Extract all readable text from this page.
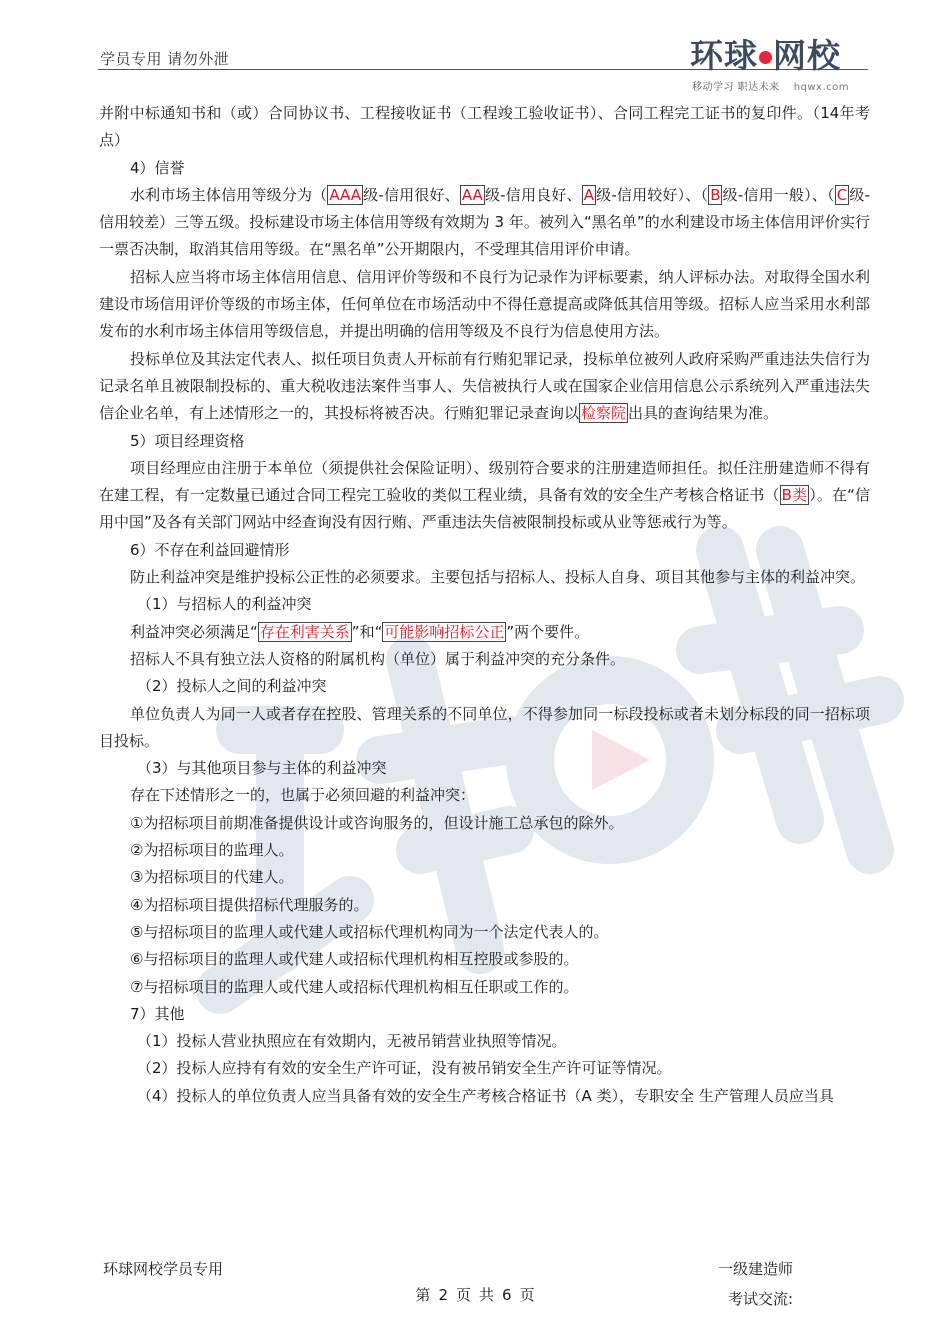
学员专用 请勿外泄	环球 网校
移动学习 职达未来 hqwx.com
环球网校

并附中标通知书和（或）合同协议书、工程接收证书（工程竣工验收证书）、合同工程完工证书的复印件。（14年考点）

4）信誉

水利市场主体信用等级分为（ AAA 级-信用很好、 AA 级-信用良好、 A 级-信用较好）、（ B 级-信用一般）、（ C 级-信用较差）三等五级。投标建设市场主体信用等级有效期为 3 年。被列入“黑名单”的水利建设市场主体信用评价实行一票否决制，取消其信用等级。在“黑名单”公开期限内，不受理其信用评价申请。

招标人应当将市场主体信用信息、信用评价等级和不良行为记录作为评标要素，纳人评标办法。对取得全国水利建设市场信用评价等级的市场主体，任何单位在市场活动中不得任意提高或降低其信用等级。招标人应当采用水利部发布的水利市场主体信用等级信息，并提出明确的信用等级及不良行为信息使用方法。

投标单位及其法定代表人、拟任项目负责人开标前有行贿犯罪记录，投标单位被列人政府采购严重违法失信行为记录名单且被限制投标的、重大税收违法案件当事人、失信被执行人或在国家企业信用信息公示系统列入严重违法失信企业名单，有上述情形之一的，其投标将被否决。行贿犯罪记录查询以 检察院 出具的查询结果为准。

5）项目经理资格

项目经理应由注册于本单位（须提供社会保险证明）、级别符合要求的注册建造师担任。拟任注册建造师不得有在建工程，有一定数量已通过合同工程完工验收的类似工程业绩，具备有效的安全生产考核合格证书（ B类 ）。在“信用中国”及各有关部门网站中经查询没有因行贿、严重违法失信被限制投标或从业等惩戒行为等。

6）不存在利益回避情形

防止利益冲突是维护投标公正性的必须要求。主要包括与招标人、投标人自身、项目其他参与主体的利益冲突。

（1）与招标人的利益冲突

利益冲突必须满足“ 存在利害关系 ”和“ 可能影响招标公正 ”两个要件。

招标人不具有独立法人资格的附属机构（单位）属于利益冲突的充分条件。

（2）投标人之间的利益冲突

单位负责人为同一人或者存在控股、管理关系的不同单位，不得参加同一标段投标或者未划分标段的同一招标项目投标。

（3）与其他项目参与主体的利益冲突

存在下述情形之一的，也属于必须回避的利益冲突：

①为招标项目前期准备提供设计或咨询服务的，但设计施工总承包的除外。

②为招标项目的监理人。

③为招标项目的代建人。

④为招标项目提供招标代理服务的。

⑤与招标项目的监理人或代建人或招标代理机构同为一个法定代表人的。

⑥与招标项目的监理人或代建人或招标代理机构相互控股或参股的。

⑦与招标项目的监理人或代建人或招标代理机构相互任职或工作的。

7）其他

（1）投标人营业执照应在有效期内，无被吊销营业执照等情况。

（2）投标人应持有有效的安全生产许可证，没有被吊销安全生产许可证等情况。

（4）投标人的单位负责人应当具备有效的安全生产考核合格证书（A 类），专职安全 生产管理人员应当具

环球网校学员专用	一级建造师
考试交流:
第 2 页 共 6 页
